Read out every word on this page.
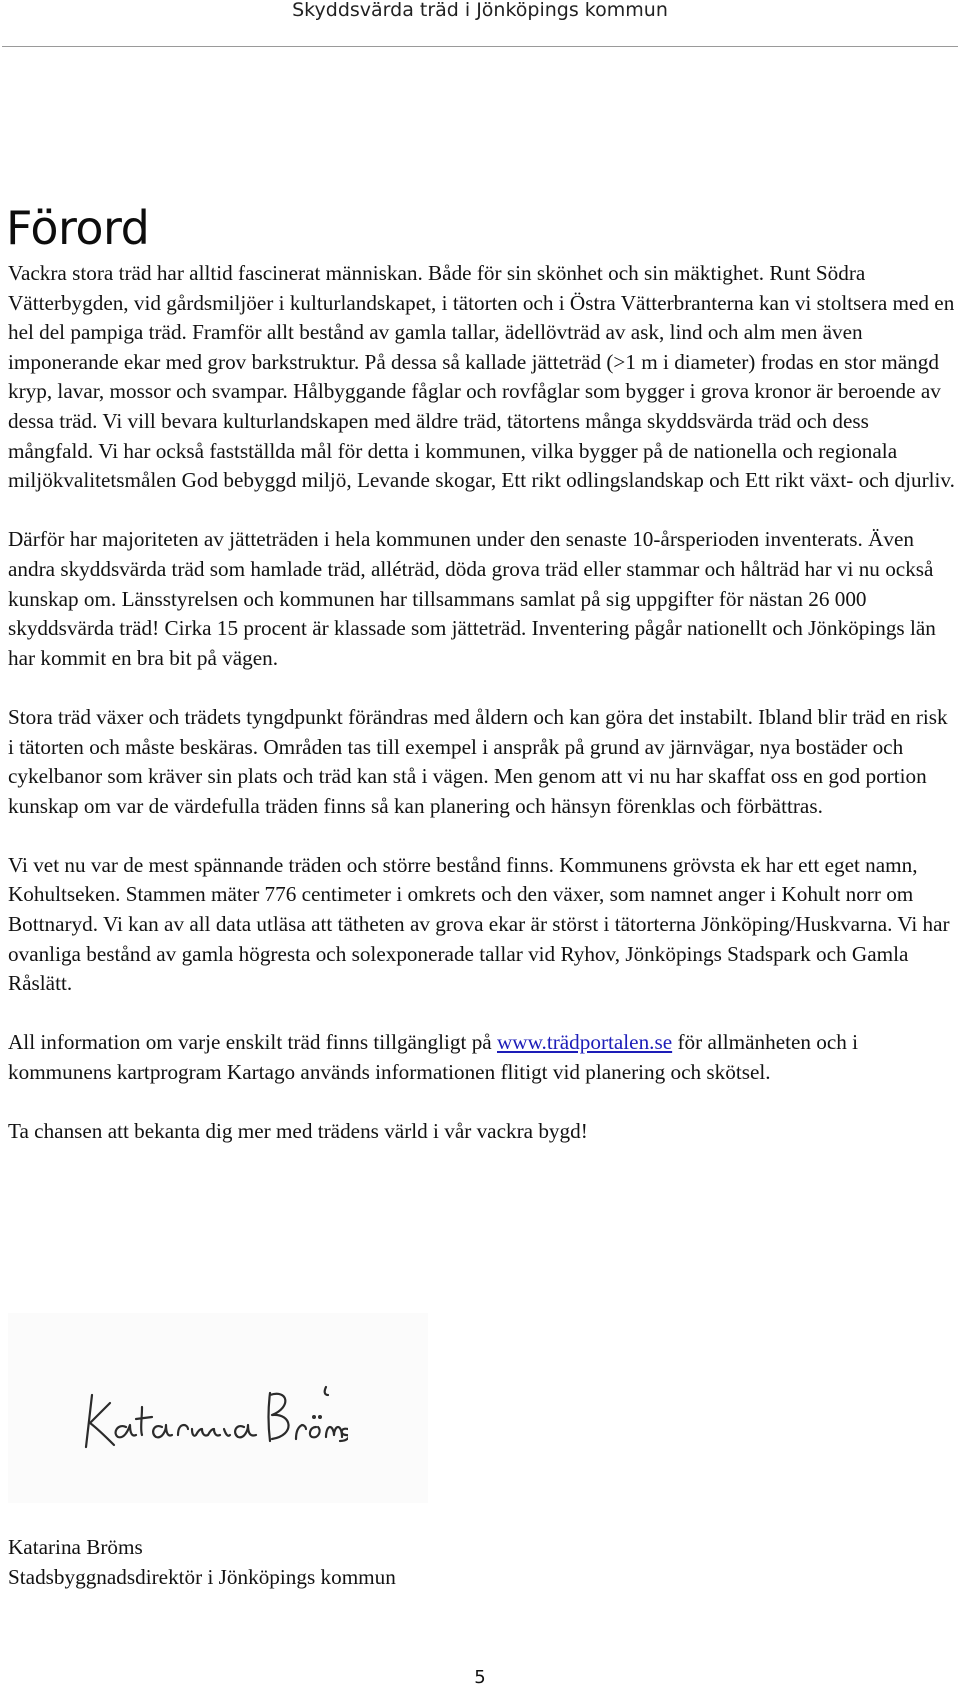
Skyddsvärda träd i Jönköpings kommun
Förord

Vackra stora träd har alltid fascinerat människan. Både för sin skönhet och sin mäktighet. Runt Södra Vätterbygden, vid gårdsmiljöer i kulturlandskapet, i tätorten och i Östra Vätterbranterna kan vi stoltsera med en hel del pampiga träd. Framför allt bestånd av gamla tallar, ädellövträd av ask, lind och alm men även imponerande ekar med grov barkstruktur. På dessa så kallade jätteträd (>1 m i diameter) frodas en stor mängd kryp, lavar, mossor och svampar. Hålbyggande fåglar och rovfåglar som bygger i grova kronor är beroende av dessa träd. Vi vill bevara kulturlandskapen med äldre träd, tätortens många skyddsvärda träd och dess mångfald. Vi har också fastställda mål för detta i kommunen, vilka bygger på de nationella och regionala miljökvalitetsmålen God bebyggd miljö, Levande skogar, Ett rikt odlingslandskap och Ett rikt växt- och djurliv.

Därför har majoriteten av jätteträden i hela kommunen under den senaste 10-årsperioden inventerats. Även andra skyddsvärda träd som hamlade träd, alléträd, döda grova träd eller stammar och hålträd har vi nu också kunskap om. Länsstyrelsen och kommunen har tillsammans samlat på sig uppgifter för nästan 26 000 skyddsvärda träd! Cirka 15 procent är klassade som jätteträd. Inventering pågår nationellt och Jönköpings län har kommit en bra bit på vägen.

Stora träd växer och trädets tyngdpunkt förändras med åldern och kan göra det instabilt. Ibland blir träd en risk i tätorten och måste beskäras. Områden tas till exempel i anspråk på grund av järnvägar, nya bostäder och cykelbanor som kräver sin plats och träd kan stå i vägen. Men genom att vi nu har skaffat oss en god portion kunskap om var de värdefulla träden finns så kan planering och hänsyn förenklas och förbättras.

Vi vet nu var de mest spännande träden och större bestånd finns. Kommunens grövsta ek har ett eget namn, Kohultseken. Stammen mäter 776 centimeter i omkrets och den växer, som namnet anger i Kohult norr om Bottnaryd. Vi kan av all data utläsa att tätheten av grova ekar är störst i tätorterna Jönköping/Huskvarna. Vi har ovanliga bestånd av gamla högresta och solexponerade tallar vid Ryhov, Jönköpings Stadspark och Gamla Råslätt.

All information om varje enskilt träd finns tillgängligt på www.trädportalen.se för allmänheten och i kommunens kartprogram Kartago används informationen flitigt vid planering och skötsel.

Ta chansen att bekanta dig mer med trädens värld i vår vackra bygd!

Katarina Bröms
Stadsbyggnadsdirektör i Jönköpings kommun
5
